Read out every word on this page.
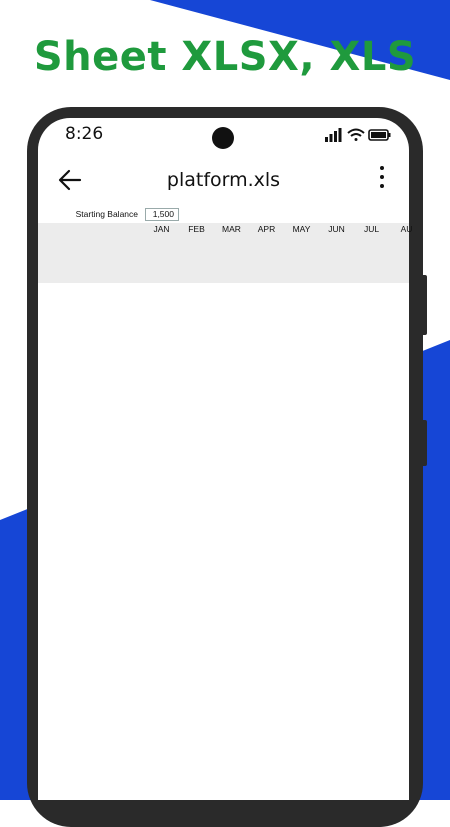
Sheet XLSX, XLS
8:26
platform.xls
Starting Balance	1,500
JAN	FEB	MAR	APR	MAY	JUN	JUL	AU
